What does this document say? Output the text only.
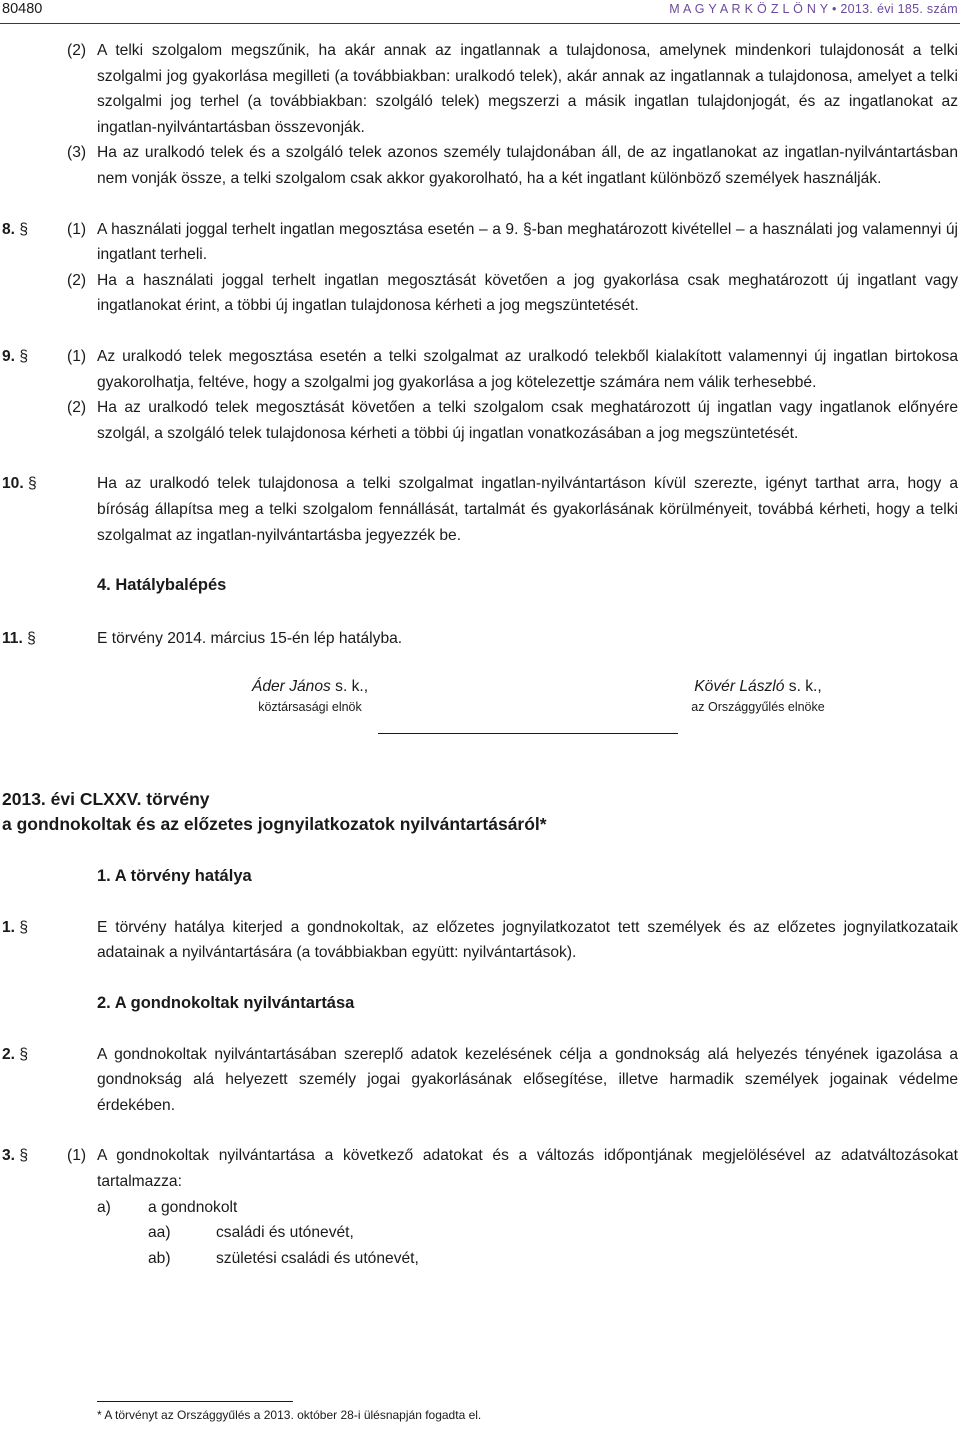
80480	M A G Y A R K Ö Z L Ö N Y • 2013. évi 185. szám
(2) A telki szolgalom megszűnik, ha akár annak az ingatlannak a tulajdonosa, amelynek mindenkori tulajdonosát a telki szolgalmi jog gyakorlása megilleti (a továbbiakban: uralkodó telek), akár annak az ingatlannak a tulajdonosa, amelyet a telki szolgalmi jog terhel (a továbbiakban: szolgáló telek) megszerzi a másik ingatlan tulajdonjogát, és az ingatlanokat az ingatlan-nyilvántartásban összevonják.
(3) Ha az uralkodó telek és a szolgáló telek azonos személy tulajdonában áll, de az ingatlanokat az ingatlan-nyilvántartásban nem vonják össze, a telki szolgalom csak akkor gyakorolható, ha a két ingatlant különböző személyek használják.
8. § (1) A használati joggal terhelt ingatlan megosztása esetén – a 9. §-ban meghatározott kivétellel – a használati jog valamennyi új ingatlant terheli.
(2) Ha a használati joggal terhelt ingatlan megosztását követően a jog gyakorlása csak meghatározott új ingatlant vagy ingatlanokat érint, a többi új ingatlan tulajdonosa kérheti a jog megszüntetését.
9. § (1) Az uralkodó telek megosztása esetén a telki szolgalmat az uralkodó telekből kialakított valamennyi új ingatlan birtokosa gyakorolhatja, feltéve, hogy a szolgalmi jog gyakorlása a jog kötelezettje számára nem válik terhesebbé.
(2) Ha az uralkodó telek megosztását követően a telki szolgalom csak meghatározott új ingatlan vagy ingatlanok előnyére szolgál, a szolgáló telek tulajdonosa kérheti a többi új ingatlan vonatkozásában a jog megszüntetését.
10. §	Ha az uralkodó telek tulajdonosa a telki szolgalmat ingatlan-nyilvántartáson kívül szerezte, igényt tarthat arra, hogy a bíróság állapítsa meg a telki szolgalom fennállását, tartalmát és gyakorlásának körülményeit, továbbá kérheti, hogy a telki szolgalmat az ingatlan-nyilvántartásba jegyezzék be.
4. Hatálybalépés
11. §	E törvény 2014. március 15-én lép hatályba.
Áder János s. k.,
köztársasági elnök
Kövér László s. k.,
az Országgyűlés elnöke
2013. évi CLXXV. törvény
a gondnokoltak és az előzetes jognyilatkozatok nyilvántartásáról*
1. A törvény hatálya
1. §	E törvény hatálya kiterjed a gondnokoltak, az előzetes jognyilatkozatot tett személyek és az előzetes jognyilatkozataik adatainak a nyilvántartására (a továbbiakban együtt: nyilvántartások).
2. A gondnokoltak nyilvántartása
2. §	A gondnokoltak nyilvántartásában szereplő adatok kezelésének célja a gondnokság alá helyezés tényének igazolása a gondnokság alá helyezett személy jogai gyakorlásának elősegítése, illetve harmadik személyek jogainak védelme érdekében.
3. § (1) A gondnokoltak nyilvántartása a következő adatokat és a változás időpontjának megjelölésével az adatváltozásokat tartalmazza:
a) a gondnokolt
aa)	családi és utónevét,
ab)	születési családi és utónevét,
* A törvényt az Országgyűlés a 2013. október 28-i ülésnapján fogadta el.
